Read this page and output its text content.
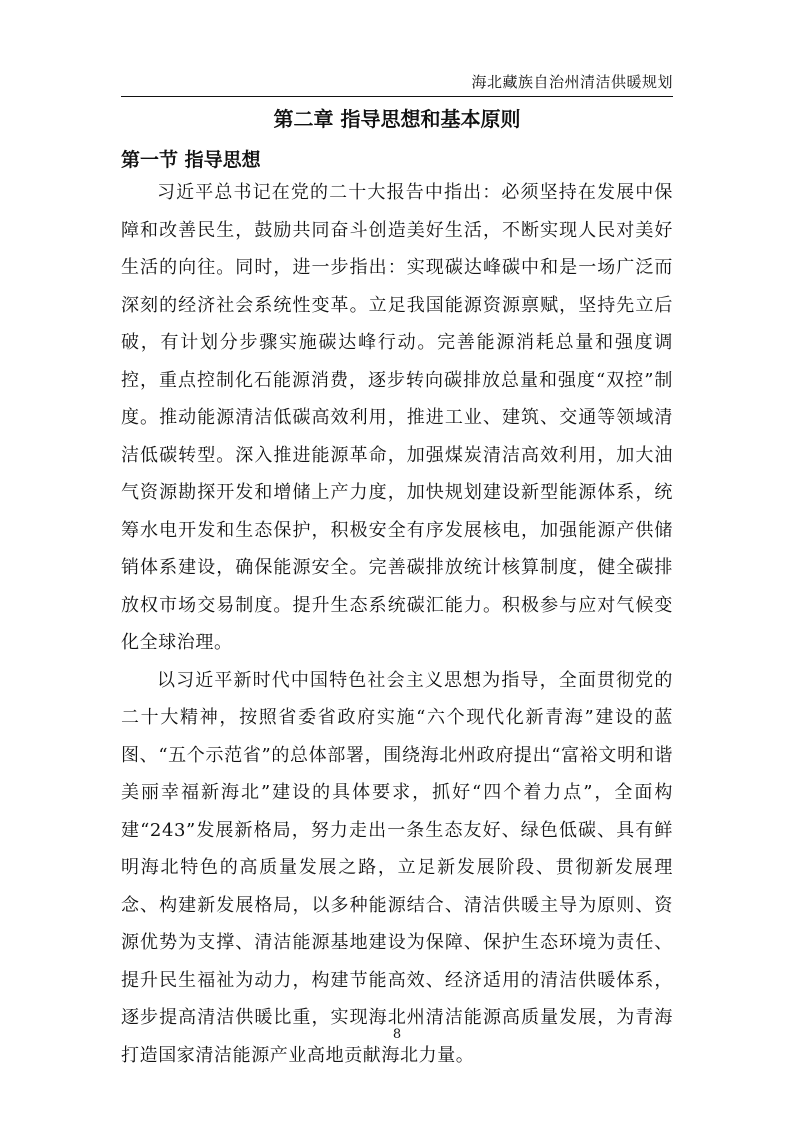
海北藏族自治州清洁供暖规划
第二章 指导思想和基本原则
第一节 指导思想

习近平总书记在党的二十大报告中指出：必须坚持在发展中保障和改善民生，鼓励共同奋斗创造美好生活，不断实现人民对美好生活的向往。同时，进一步指出：实现碳达峰碳中和是一场广泛而深刻的经济社会系统性变革。立足我国能源资源禀赋，坚持先立后破，有计划分步骤实施碳达峰行动。完善能源消耗总量和强度调控，重点控制化石能源消费，逐步转向碳排放总量和强度“双控”制度。推动能源清洁低碳高效利用，推进工业、建筑、交通等领域清洁低碳转型。深入推进能源革命，加强煤炭清洁高效利用，加大油气资源勘探开发和增储上产力度，加快规划建设新型能源体系，统筹水电开发和生态保护，积极安全有序发展核电，加强能源产供储销体系建设，确保能源安全。完善碳排放统计核算制度，健全碳排放权市场交易制度。提升生态系统碳汇能力。积极参与应对气候变化全球治理。

以习近平新时代中国特色社会主义思想为指导，全面贯彻党的二十大精神，按照省委省政府实施“六个现代化新青海”建设的蓝图、“五个示范省”的总体部署，围绕海北州政府提出“富裕文明和谐美丽幸福新海北”建设的具体要求，抓好“四个着力点”，全面构建“243”发展新格局，努力走出一条生态友好、绿色低碳、具有鲜明海北特色的高质量发展之路，立足新发展阶段、贯彻新发展理念、构建新发展格局，以多种能源结合、清洁供暖主导为原则、资源优势为支撑、清洁能源基地建设为保障、保护生态环境为责任、提升民生福祉为动力，构建节能高效、经济适用的清洁供暖体系，逐步提高清洁供暖比重，实现海北州清洁能源高质量发展，为青海打造国家清洁能源产业高地贡献海北力量。

8
